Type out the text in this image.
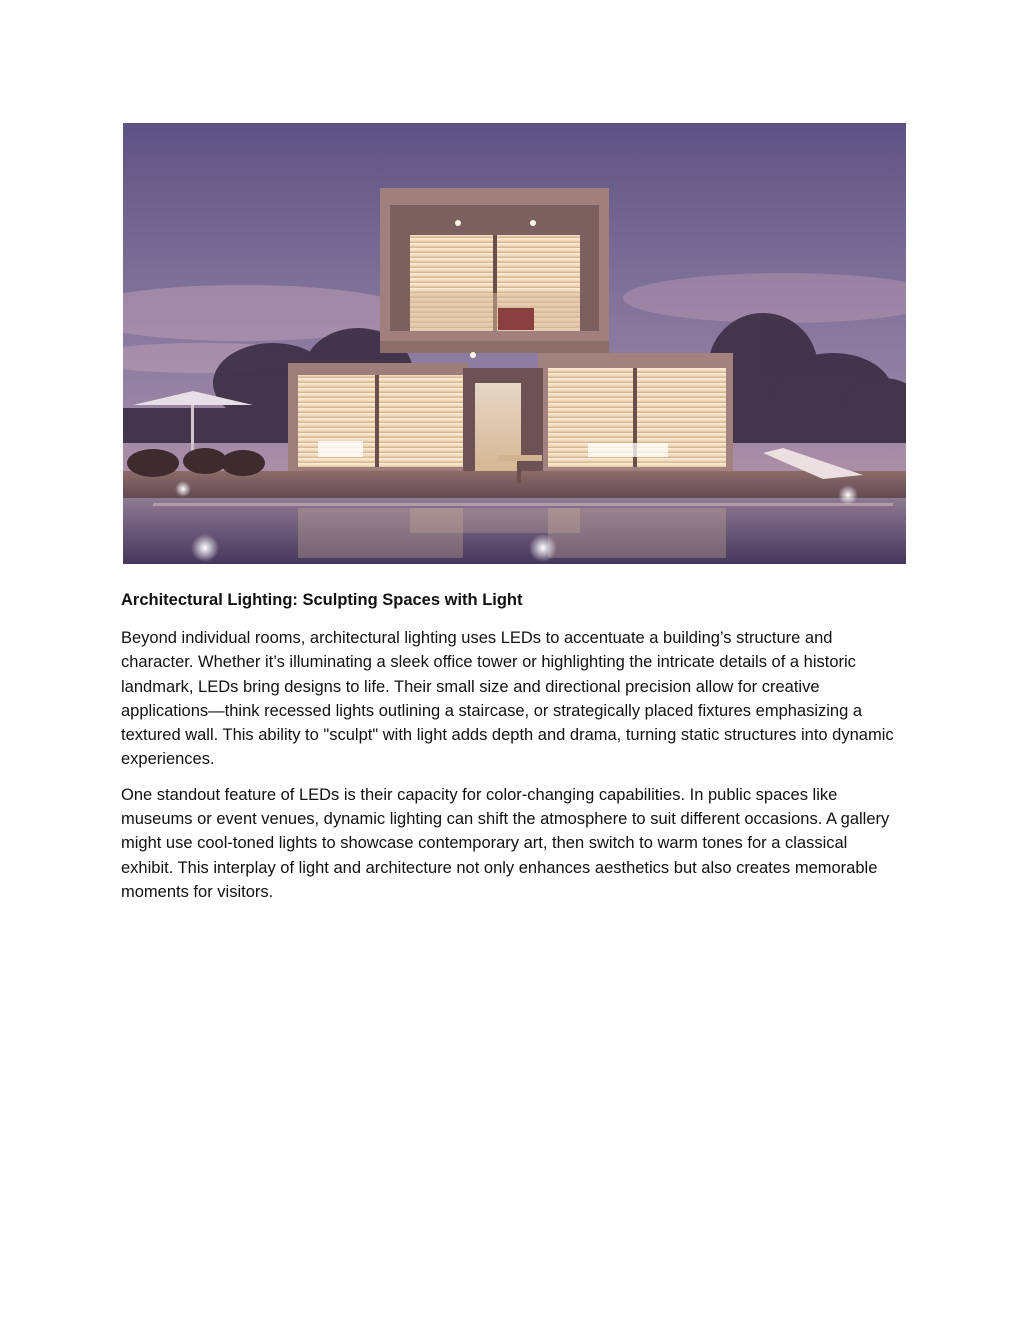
Architectural Lighting: Sculpting Spaces with Light

Beyond individual rooms, architectural lighting uses LEDs to accentuate a building’s structure and character. Whether it’s illuminating a sleek office tower or highlighting the intricate details of a historic landmark, LEDs bring designs to life. Their small size and directional precision allow for creative applications—think recessed lights outlining a staircase, or strategically placed fixtures emphasizing a textured wall. This ability to "sculpt" with light adds depth and drama, turning static structures into dynamic experiences.

One standout feature of LEDs is their capacity for color-changing capabilities. In public spaces like museums or event venues, dynamic lighting can shift the atmosphere to suit different occasions. A gallery might use cool-toned lights to showcase contemporary art, then switch to warm tones for a classical exhibit. This interplay of light and architecture not only enhances aesthetics but also creates memorable moments for visitors.
